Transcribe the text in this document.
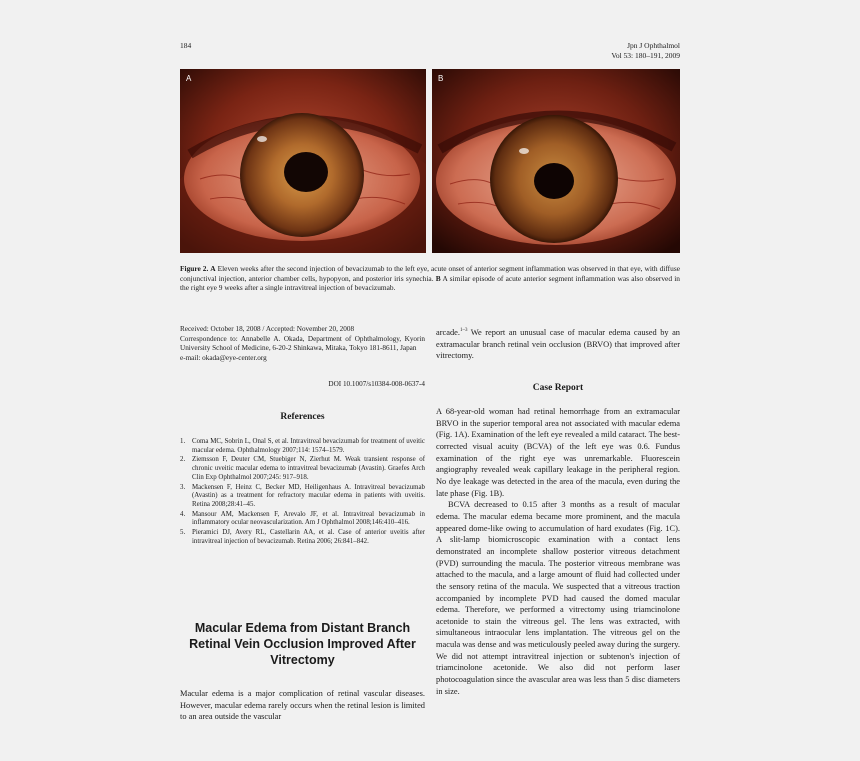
184	Jpn J Ophthalmol
Vol 53: 180–191, 2009
A	B
Figure 2. A Eleven weeks after the second injection of bevacizumab to the left eye, acute onset of anterior segment inflammation was observed in that eye, with diffuse conjunctival injection, anterior chamber cells, hypopyon, and posterior iris synechia. B A similar episode of acute anterior segment inflammation was also observed in the right eye 9 weeks after a single intravitreal injection of bevacizumab.
Received: October 18, 2008 / Accepted: November 20, 2008
Correspondence to: Annabelle A. Okada, Department of Ophthalmology, Kyorin University School of Medicine, 6-20-2 Shinkawa, Mitaka, Tokyo 181-8611, Japan
e-mail: okada@eye-center.org
DOI 10.1007/s10384-008-0637-4
References
1. Coma MC, Sobrin L, Onal S, et al. Intravitreal bevacizumab for treatment of uveitic macular edema. Ophthalmology 2007;114: 1574–1579.
2. Ziemsson F, Deuter CM, Stuebiger N, Zierhut M. Weak transient response of chronic uveitic macular edema to intravitreal bevacizumab (Avastin). Graefes Arch Clin Exp Ophthalmol 2007;245: 917–918.
3. Mackensen F, Heinz C, Becker MD, Heiligenhaus A. Intravitreal bevacizumab (Avastin) as a treatment for refractory macular edema in patients with uveitis. Retina 2008;28:41–45.
4. Mansour AM, Mackensen F, Arevalo JF, et al. Intravitreal bevacizumab in inflammatory ocular neovascularization. Am J Ophthalmol 2008;146:410–416.
5. Pieramici DJ, Avery RL, Castellarin AA, et al. Case of anterior uveitis after intravitreal injection of bevacizumab. Retina 2006; 26:841–842.
Macular Edema from Distant Branch Retinal Vein Occlusion Improved After Vitrectomy
Macular edema is a major complication of retinal vascular diseases. However, macular edema rarely occurs when the retinal lesion is limited to an area outside the vascular
arcade.$^{1-3}$ We report an unusual case of macular edema caused by an extramacular branch retinal vein occlusion (BRVO) that improved after vitrectomy.
Case Report

A 68-year-old woman had retinal hemorrhage from an extramacular BRVO in the superior temporal area not associated with macular edema (Fig. 1A). Examination of the left eye revealed a mild cataract. The best-corrected visual acuity (BCVA) of the left eye was 0.6. Fundus examination of the right eye was unremarkable. Fluorescein angiography revealed weak capillary leakage in the peripheral region. No dye leakage was detected in the area of the macula, even during the late phase (Fig. 1B).

BCVA decreased to 0.15 after 3 months as a result of macular edema. The macular edema became more prominent, and the macula appeared dome-like owing to accumulation of hard exudates (Fig. 1C). A slit-lamp biomicroscopic examination with a contact lens demonstrated an incomplete shallow posterior vitreous detachment (PVD) surrounding the macula. The posterior vitreous membrane was attached to the macula, and a large amount of fluid had collected under the sensory retina of the macula. We suspected that a vitreous traction accompanied by incomplete PVD had caused the domed macular edema. Therefore, we performed a vitrectomy using triamcinolone acetonide to stain the vitreous gel. The lens was extracted, with simultaneous intraocular lens implantation. The vitreous gel on the macula was dense and was meticulously peeled away during the surgery. We did not attempt intravitreal injection or subtenon's injection of triamcinolone acetonide. We also did not perform laser photocoagulation since the avascular area was less than 5 disc diameters in size.
